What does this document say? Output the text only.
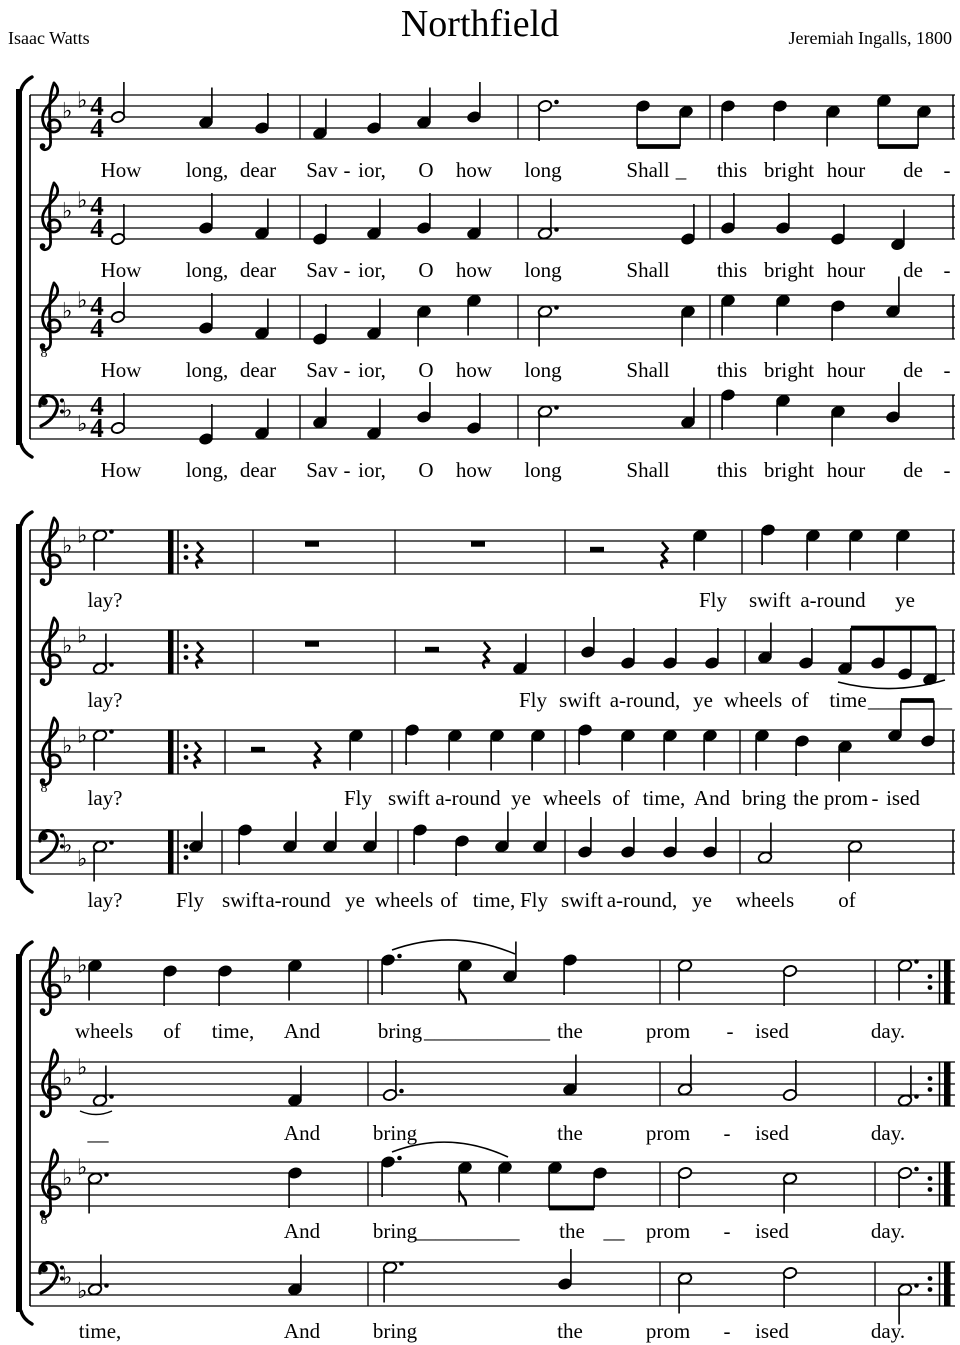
Isaac Watts	Northfield	Jeremiah Ingalls, 1800
♭ ♭ 4
4
♭ ♭ 4
4
8
♭ ♭ 4
4
♭
♭
4
4
♭ ♭
♭ ♭
8
♭ ♭
♭
♭
♭ ♭
♭ ♭
8
♭ ♭
♭
♭
How long, dear Sav - ior, O how long	Shall _ this bright hour de -
How long, dear Sav - ior, O how long	Shall this bright hour de -
How long, dear Sav - ior, O how long	Shall this bright hour de -
How long, dear Sav - ior, O how long	Shall this bright hour de -
lay?	Fly swift a-round ye
lay?	Fly swift a-round, ye wheels of time ________
lay?	Fly swift a-round ye wheels of time, And bring the prom - ised
lay?	Fly swift a-round ye wheels of time, Fly swift a-round, ye wheels of
wheels of time, And	bring ____________ the	prom - ised	day.
__	And	bring	the	prom - ised	day.
And	bring
__________ the __ prom - ised	day.
time,	And	bring	the	prom - ised	day.
